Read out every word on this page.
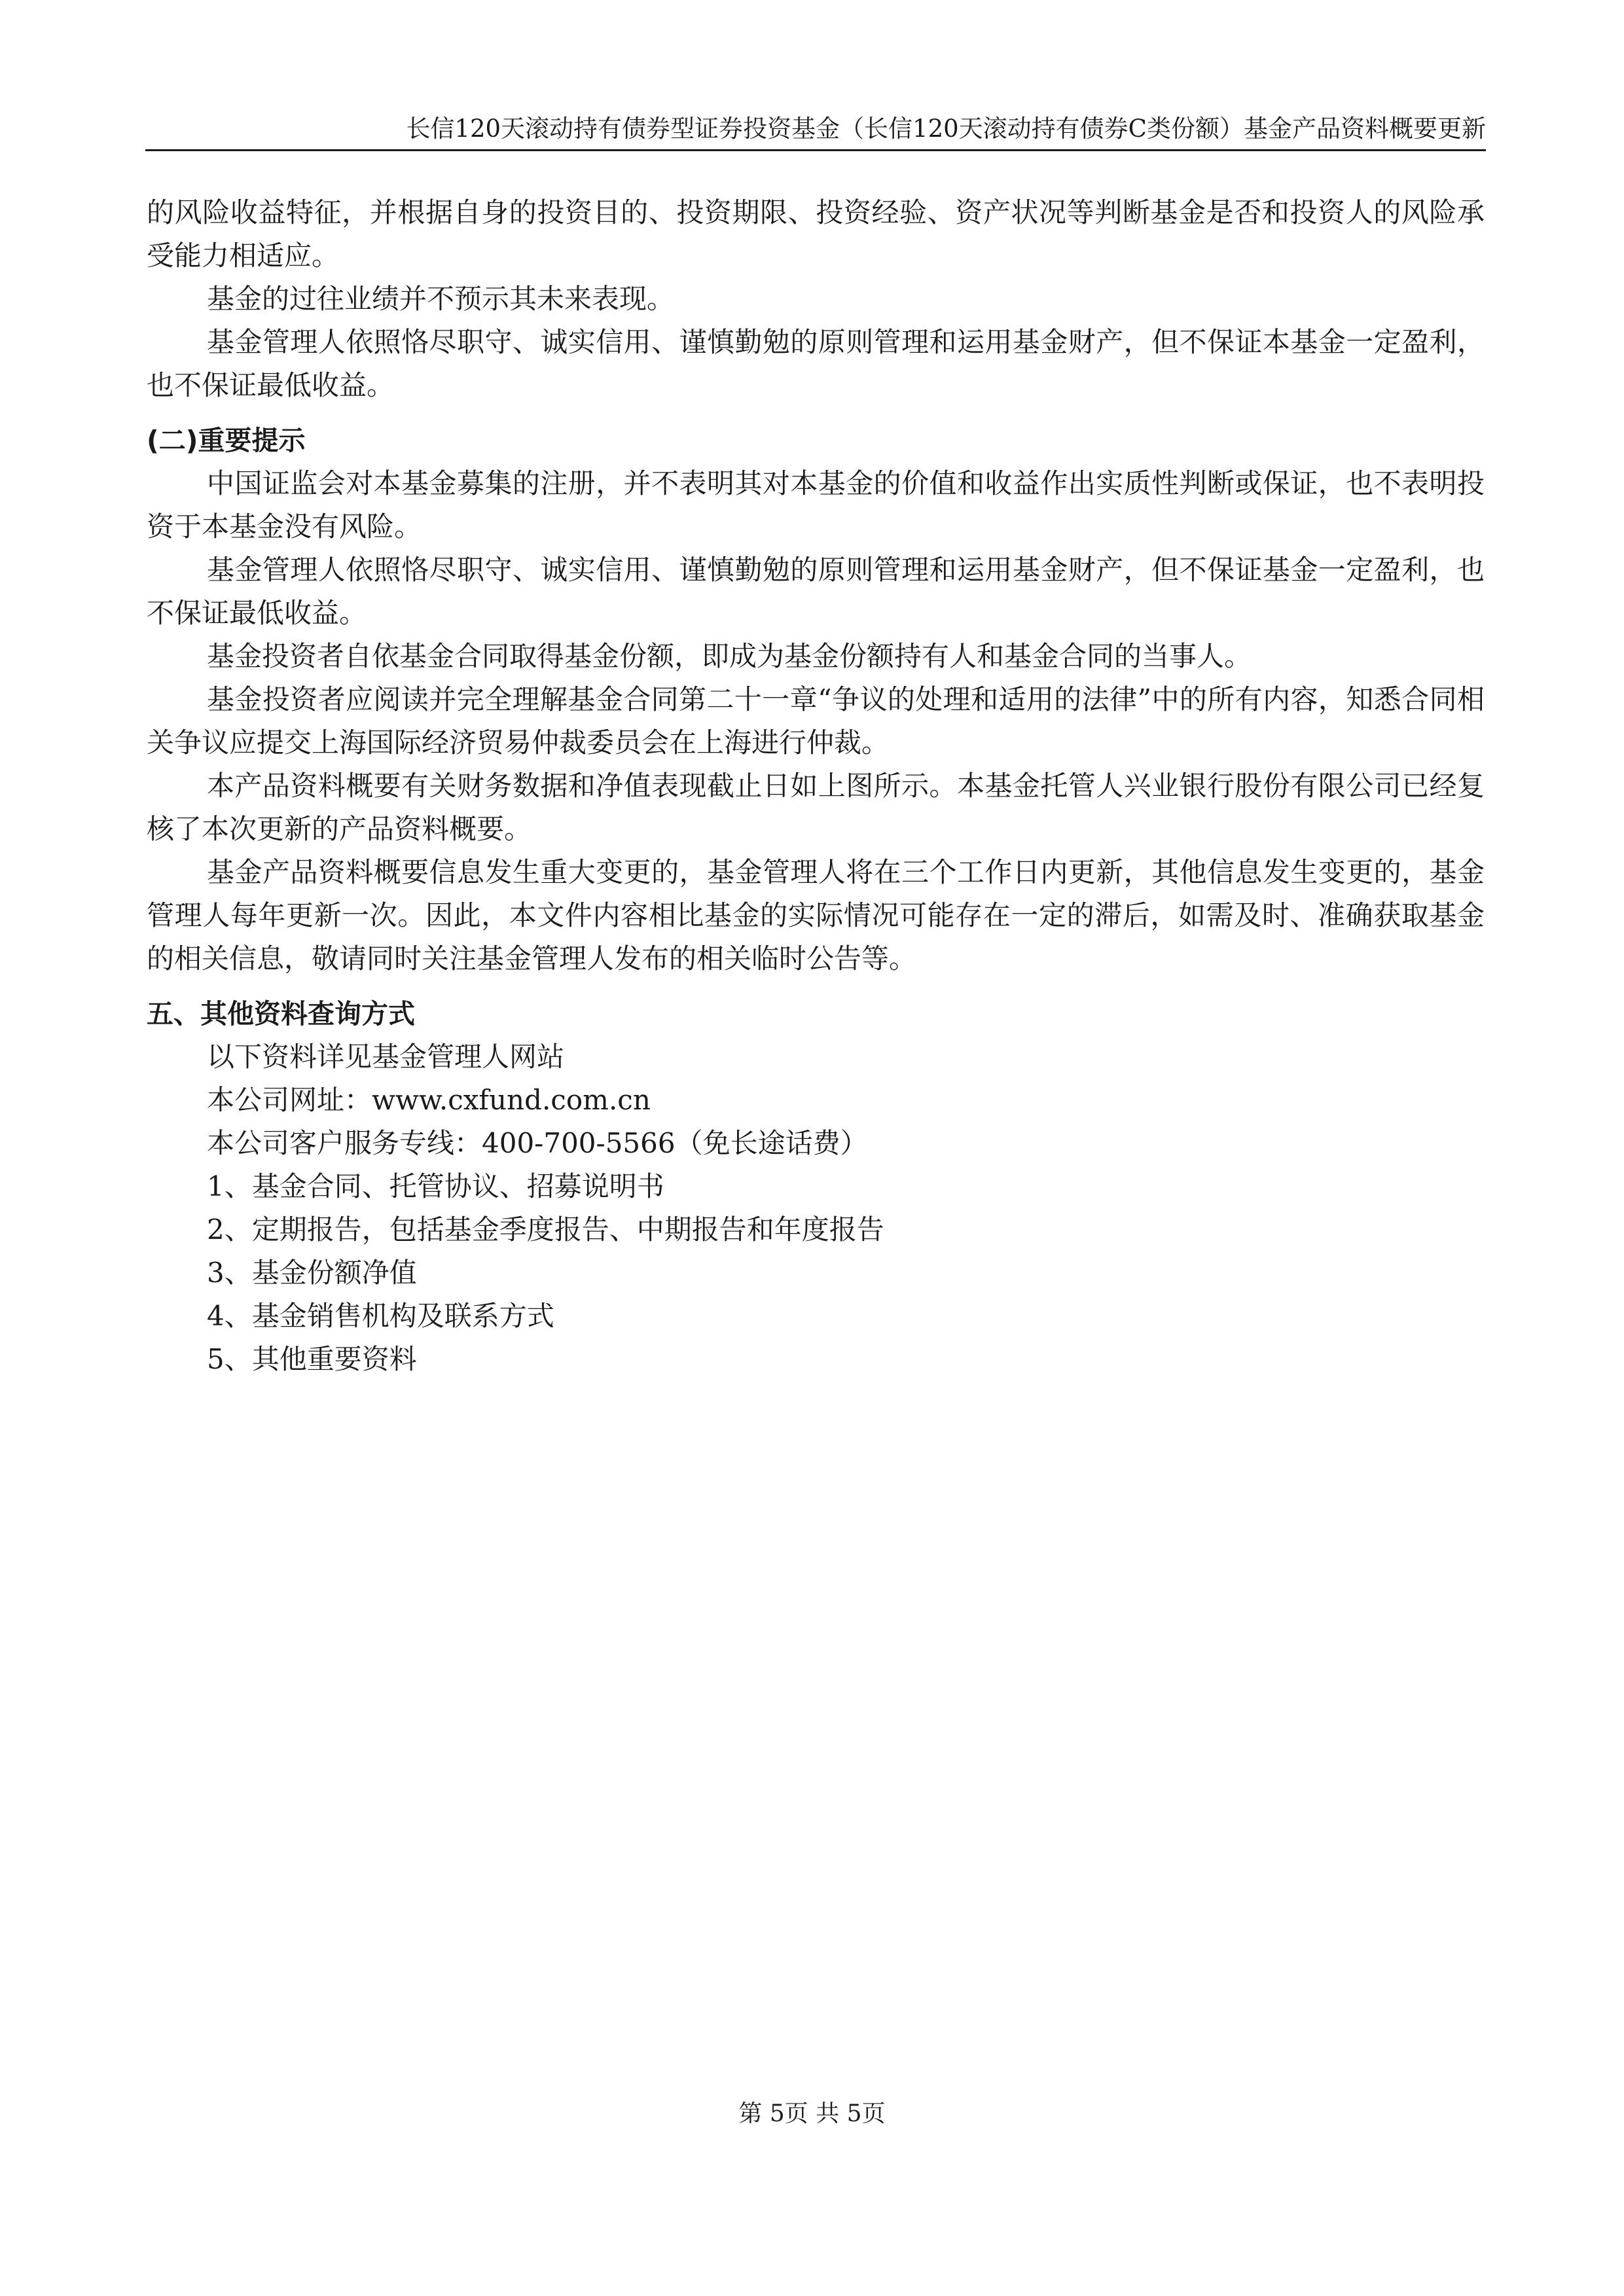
长信120天滚动持有债券型证券投资基金（长信120天滚动持有债券C类份额）基金产品资料概要更新

的风险收益特征，并根据自身的投资目的、投资期限、投资经验、资产状况等判断基金是否和投资人的风险承受能力相适应。

基金的过往业绩并不预示其未来表现。

基金管理人依照恪尽职守、诚实信用、谨慎勤勉的原则管理和运用基金财产，但不保证本基金一定盈利，也不保证最低收益。

(二)重要提示

中国证监会对本基金募集的注册，并不表明其对本基金的价值和收益作出实质性判断或保证，也不表明投资于本基金没有风险。

基金管理人依照恪尽职守、诚实信用、谨慎勤勉的原则管理和运用基金财产，但不保证基金一定盈利，也不保证最低收益。

基金投资者自依基金合同取得基金份额，即成为基金份额持有人和基金合同的当事人。

基金投资者应阅读并完全理解基金合同第二十一章“争议的处理和适用的法律”中的所有内容，知悉合同相关争议应提交上海国际经济贸易仲裁委员会在上海进行仲裁。

本产品资料概要有关财务数据和净值表现截止日如上图所示。本基金托管人兴业银行股份有限公司已经复核了本次更新的产品资料概要。

基金产品资料概要信息发生重大变更的，基金管理人将在三个工作日内更新，其他信息发生变更的，基金管理人每年更新一次。因此，本文件内容相比基金的实际情况可能存在一定的滞后，如需及时、准确获取基金的相关信息，敬请同时关注基金管理人发布的相关临时公告等。

五、其他资料查询方式

以下资料详见基金管理人网站

本公司网址：www.cxfund.com.cn

本公司客户服务专线：400-700-5566（免长途话费）

1、基金合同、托管协议、招募说明书

2、定期报告，包括基金季度报告、中期报告和年度报告

3、基金份额净值

4、基金销售机构及联系方式

5、其他重要资料

第 5页 共 5页
